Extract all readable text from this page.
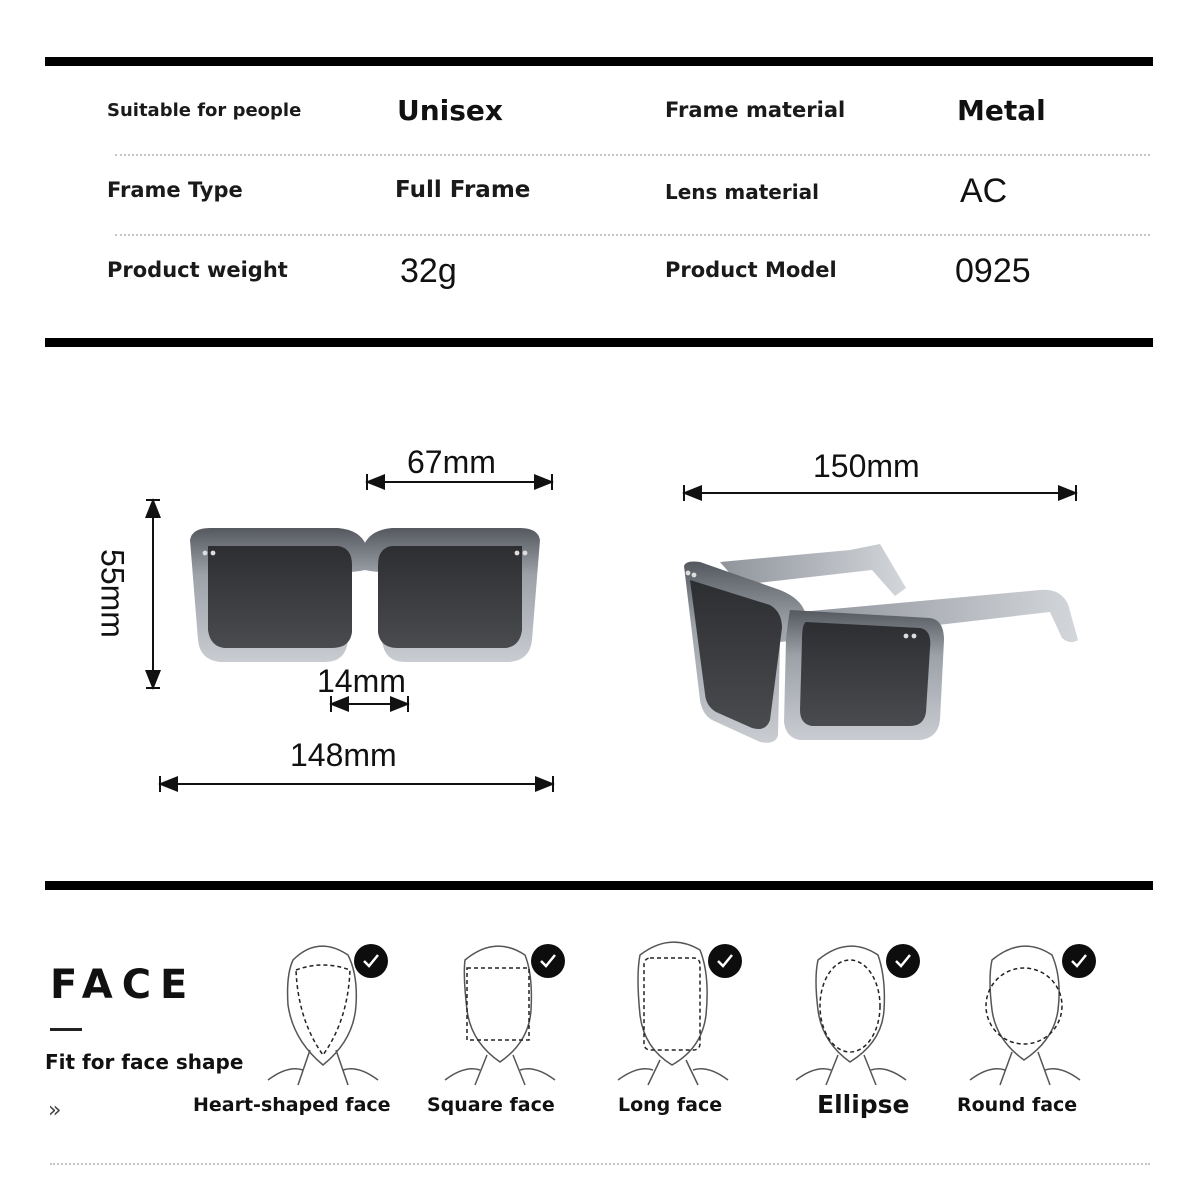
Suitable for people	Unisex	Frame material	Metal
Frame Type	Full Frame	Lens material	AC
Product weight	32g	Product Model	0925
67mm
55mm
14mm
148mm
150mm
FACE
Fit for face shape
»	Heart-shaped face Square face	Long face	Ellipse Round face
